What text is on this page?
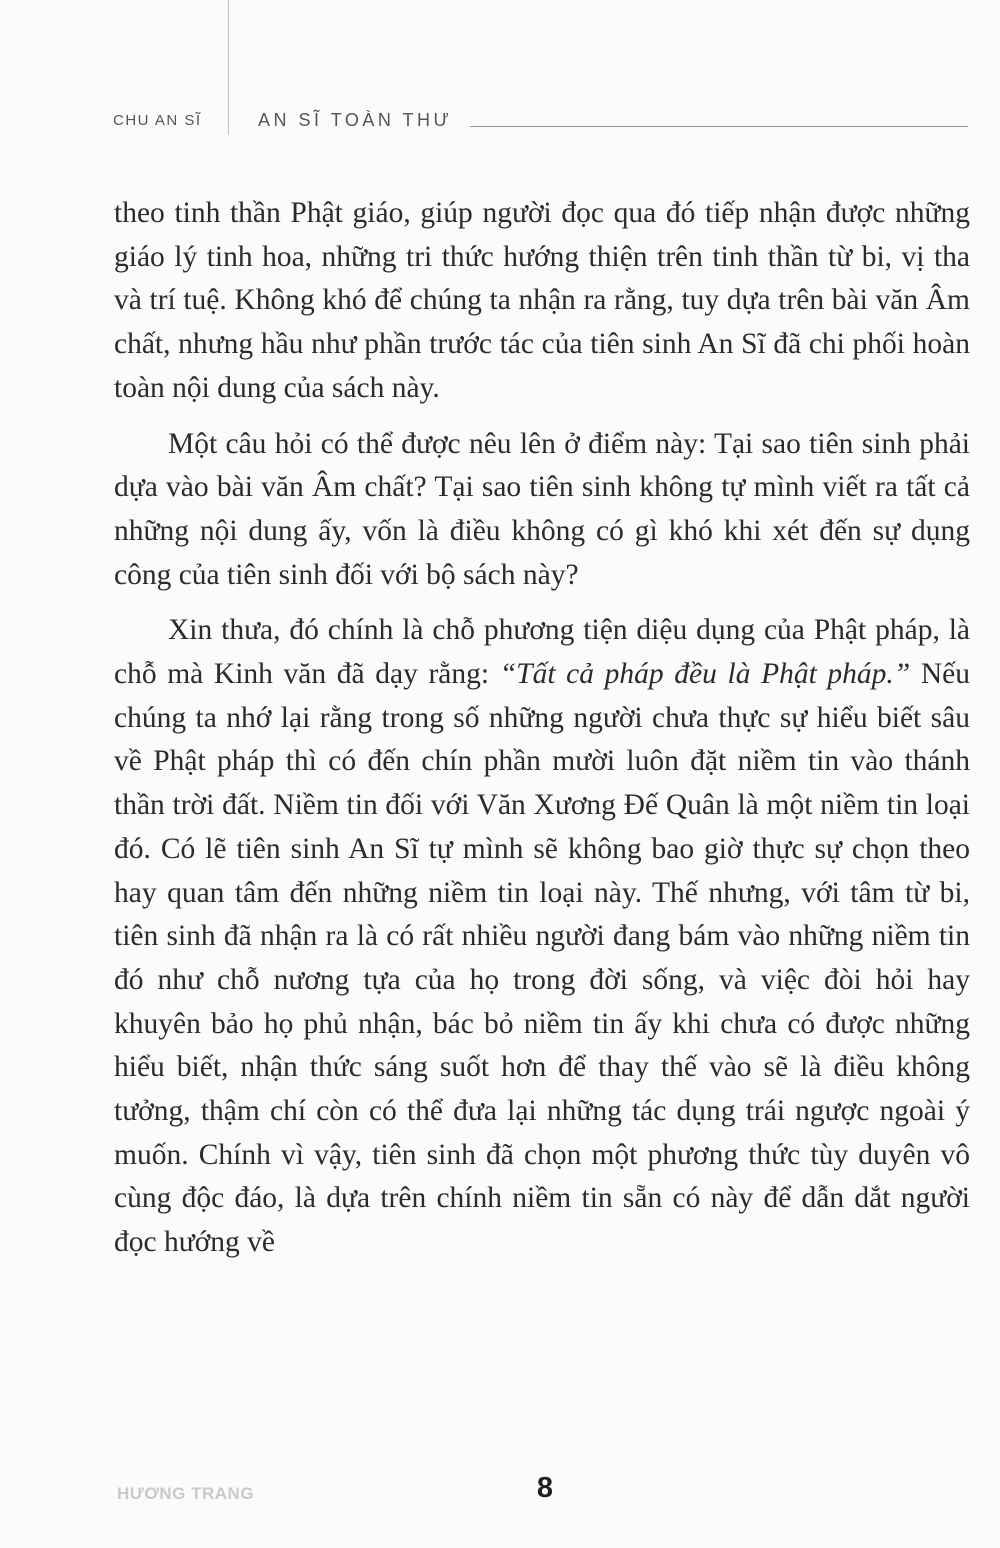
CHU AN SĨ	AN SĨ TOÀN THƯ

theo tinh thần Phật giáo, giúp người đọc qua đó tiếp nhận được những giáo lý tinh hoa, những tri thức hướng thiện trên tinh thần từ bi, vị tha và trí tuệ. Không khó để chúng ta nhận ra rằng, tuy dựa trên bài văn Âm chất, nhưng hầu như phần trước tác của tiên sinh An Sĩ đã chi phối hoàn toàn nội dung của sách này.

Một câu hỏi có thể được nêu lên ở điểm này: Tại sao tiên sinh phải dựa vào bài văn Âm chất? Tại sao tiên sinh không tự mình viết ra tất cả những nội dung ấy, vốn là điều không có gì khó khi xét đến sự dụng công của tiên sinh đối với bộ sách này?

Xin thưa, đó chính là chỗ phương tiện diệu dụng của Phật pháp, là chỗ mà Kinh văn đã dạy rằng: “Tất cả pháp đều là Phật pháp.” Nếu chúng ta nhớ lại rằng trong số những người chưa thực sự hiểu biết sâu về Phật pháp thì có đến chín phần mười luôn đặt niềm tin vào thánh thần trời đất. Niềm tin đối với Văn Xương Đế Quân là một niềm tin loại đó. Có lẽ tiên sinh An Sĩ tự mình sẽ không bao giờ thực sự chọn theo hay quan tâm đến những niềm tin loại này. Thế nhưng, với tâm từ bi, tiên sinh đã nhận ra là có rất nhiều người đang bám vào những niềm tin đó như chỗ nương tựa của họ trong đời sống, và việc đòi hỏi hay khuyên bảo họ phủ nhận, bác bỏ niềm tin ấy khi chưa có được những hiểu biết, nhận thức sáng suốt hơn để thay thế vào sẽ là điều không tưởng, thậm chí còn có thể đưa lại những tác dụng trái ngược ngoài ý muốn. Chính vì vậy, tiên sinh đã chọn một phương thức tùy duyên vô cùng độc đáo, là dựa trên chính niềm tin sẵn có này để dẫn dắt người đọc hướng về

HƯƠNG TRANG	8
